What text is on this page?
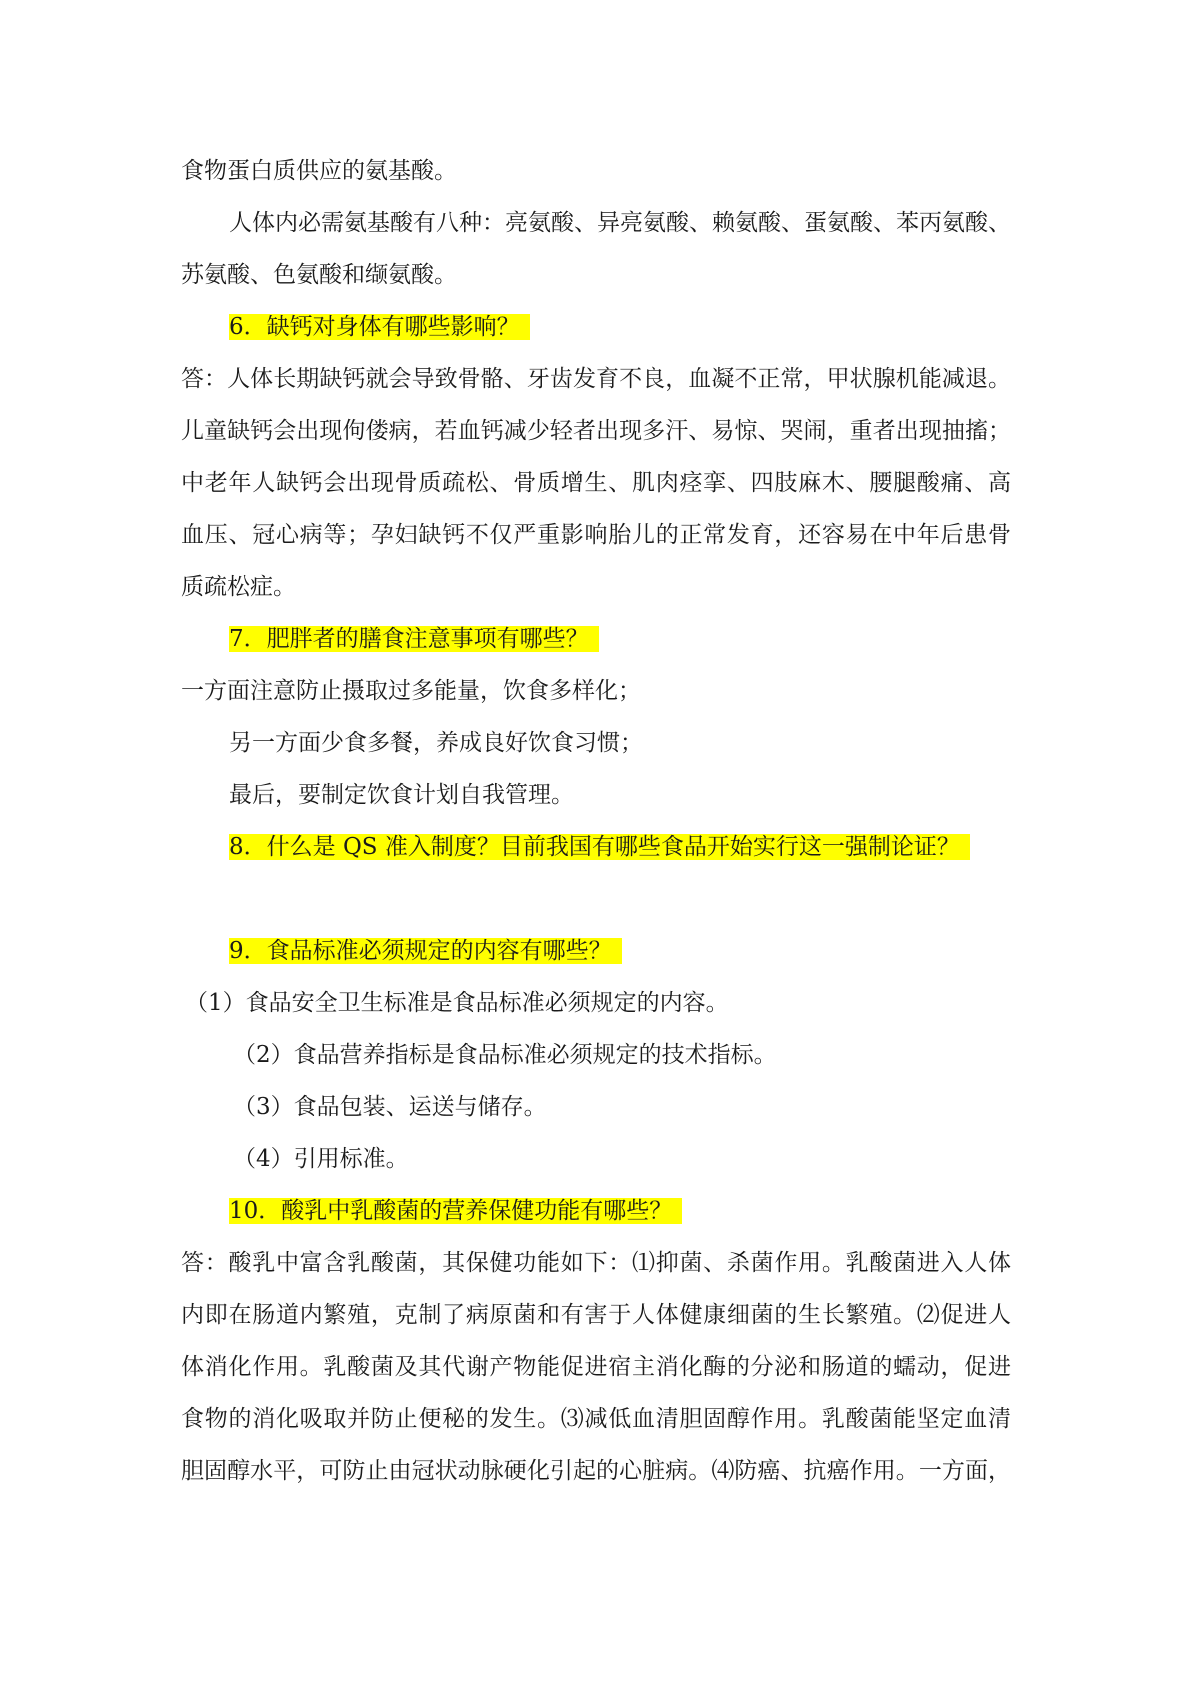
食物蛋白质供应的氨基酸。
人体内必需氨基酸有八种：亮氨酸、异亮氨酸、赖氨酸、蛋氨酸、苯丙氨酸、
苏氨酸、色氨酸和缬氨酸。
6．缺钙对身体有哪些影响？
答：人体长期缺钙就会导致骨骼、牙齿发育不良，血凝不正常，甲状腺机能减退。
儿童缺钙会出现佝偻病，若血钙减少轻者出现多汗、易惊、哭闹，重者出现抽搐；
中老年人缺钙会出现骨质疏松、骨质增生、肌肉痉挛、四肢麻木、腰腿酸痛、高
血压、冠心病等；孕妇缺钙不仅严重影响胎儿的正常发育，还容易在中年后患骨
质疏松症。
7．肥胖者的膳食注意事项有哪些？
一方面注意防止摄取过多能量，饮食多样化；
另一方面少食多餐，养成良好饮食习惯；
最后，要制定饮食计划自我管理。
8．什么是 QS 准入制度？目前我国有哪些食品开始实行这一强制论证？
9．食品标准必须规定的内容有哪些？
（1）食品安全卫生标准是食品标准必须规定的内容。
（2）食品营养指标是食品标准必须规定的技术指标。
（3）食品包装、运送与储存。
（4）引用标准。
10．酸乳中乳酸菌的营养保健功能有哪些？
答：酸乳中富含乳酸菌，其保健功能如下：⑴抑菌、杀菌作用。乳酸菌进入人体
内即在肠道内繁殖，克制了病原菌和有害于人体健康细菌的生长繁殖。⑵促进人
体消化作用。乳酸菌及其代谢产物能促进宿主消化酶的分泌和肠道的蠕动，促进
食物的消化吸取并防止便秘的发生。⑶减低血清胆固醇作用。乳酸菌能坚定血清
胆固醇水平，可防止由冠状动脉硬化引起的心脏病。⑷防癌、抗癌作用。一方面，
